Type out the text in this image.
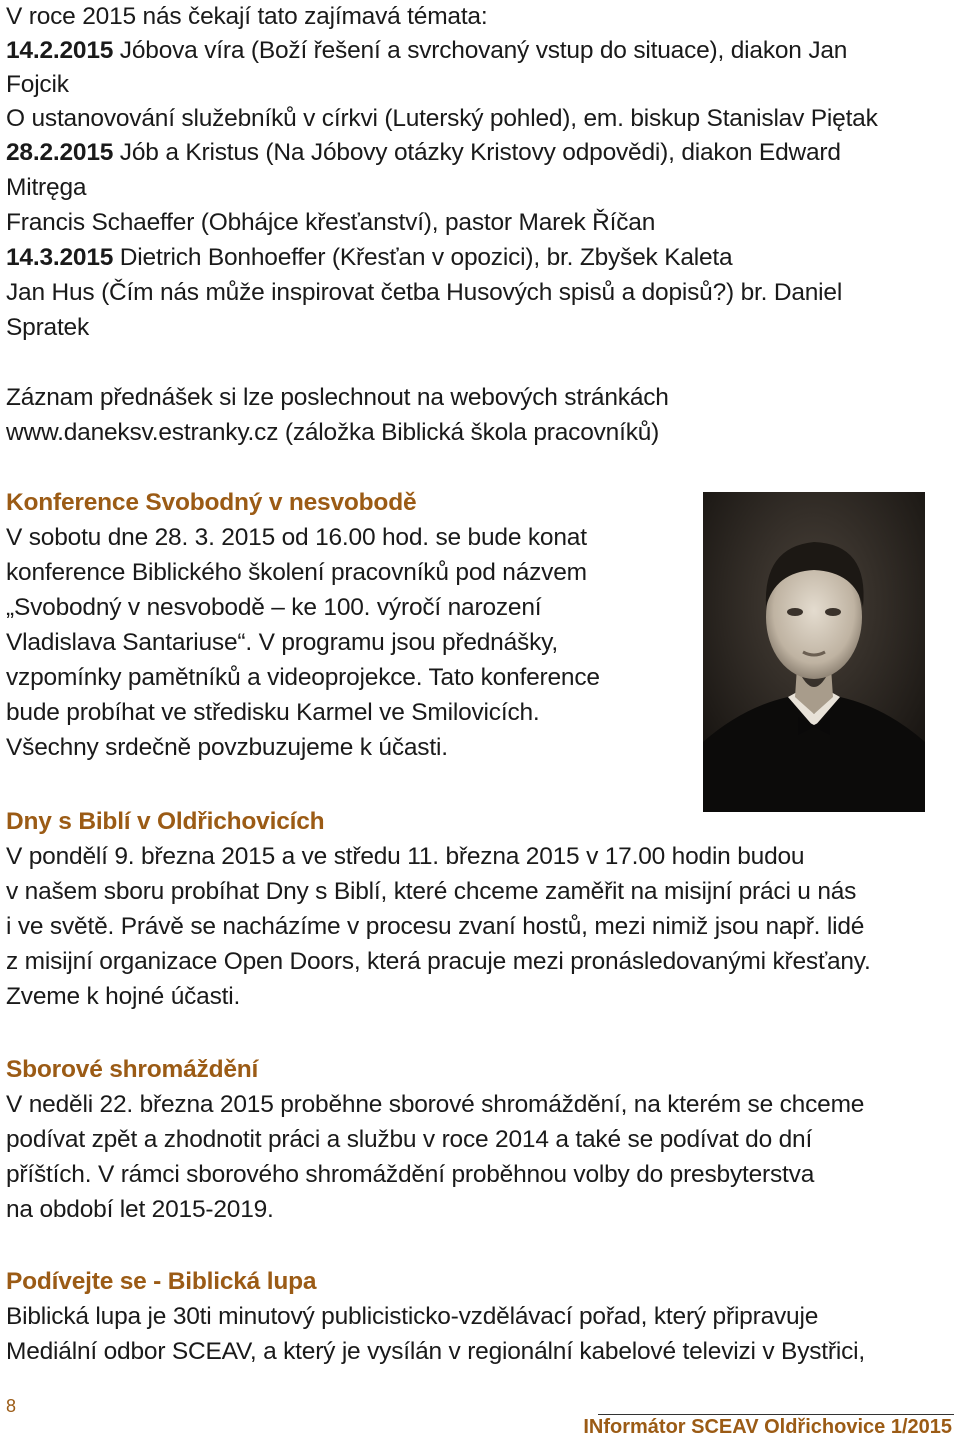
V roce 2015 nás čekají tato zajímavá témata:
14.2.2015 Jóbova víra (Boží řešení a svrchovaný vstup do situace), diakon Jan
Fojcik
O ustanovování služebníků v církvi (Luterský pohled), em. biskup Stanislav Piętak
28.2.2015 Jób a Kristus (Na Jóbovy otázky Kristovy odpovědi), diakon Edward
Mitręga
Francis Schaeffer (Obhájce křesťanství), pastor Marek Říčan
14.3.2015 Dietrich Bonhoeffer (Křesťan v opozici), br. Zbyšek Kaleta
Jan Hus (Čím nás může inspirovat četba Husových spisů a dopisů?) br. Daniel
Spratek
Záznam přednášek si lze poslechnout na webových stránkách
www.daneksv.estranky.cz (záložka Biblická škola pracovníků)
Konference Svobodný v nesvobodě
V sobotu dne 28. 3. 2015 od 16.00 hod. se bude konat
konference Biblického školení pracovníků pod názvem
„Svobodný v nesvobodě – ke 100. výročí narození
Vladislava Santariuse“. V programu jsou přednášky,
vzpomínky pamětníků a videoprojekce. Tato konference
bude probíhat ve středisku Karmel ve Smilovicích.
Všechny srdečně povzbuzujeme k účasti.
Dny s Biblí v Oldřichovicích
V pondělí 9. března 2015 a ve středu 11. března 2015 v 17.00 hodin budou
v našem sboru probíhat Dny s Biblí, které chceme zaměřit na misijní práci u nás
i ve světě. Právě se nacházíme v procesu zvaní hostů, mezi nimiž jsou např. lidé
z misijní organizace Open Doors, která pracuje mezi pronásledovanými křesťany.
Zveme k hojné účasti.
Sborové shromáždění
V neděli 22. března 2015 proběhne sborové shromáždění, na kterém se chceme
podívat zpět a zhodnotit práci a službu v roce 2014 a také se podívat do dní
příštích. V rámci sborového shromáždění proběhnou volby do presbyterstva
na období let 2015-2019.
Podívejte se - Biblická lupa
Biblická lupa je 30ti minutový publicisticko-vzdělávací pořad, který připravuje
Mediální odbor SCEAV, a který je vysílán v regionální kabelové televizi v Bystřici,
8
INformátor SCEAV Oldřichovice 1/2015
